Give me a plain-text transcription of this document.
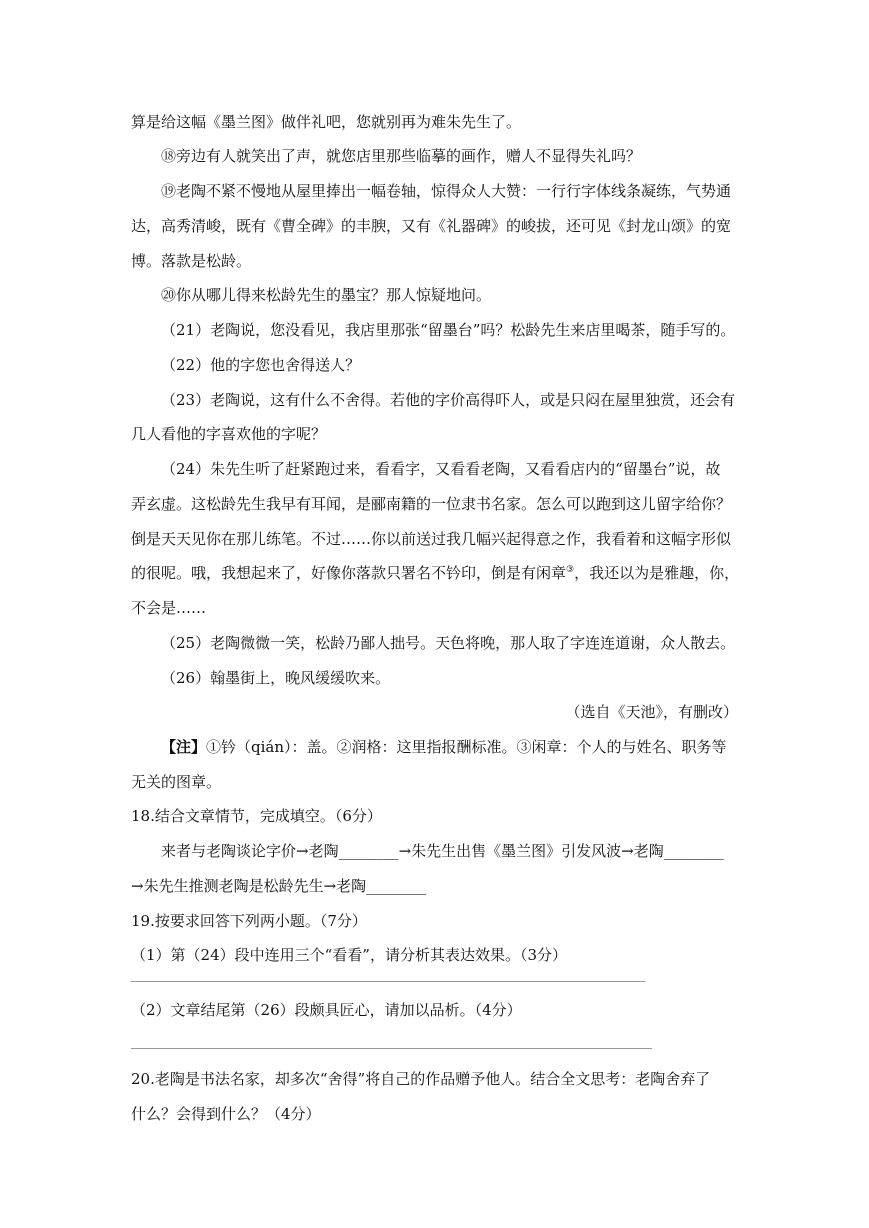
算是给这幅《墨兰图》做伴礼吧，您就别再为难朱先生了。
⑱旁边有人就笑出了声，就您店里那些临摹的画作，赠人不显得失礼吗？
⑲老陶不紧不慢地从屋里捧出一幅卷轴，惊得众人大赞：一行行字体线条凝练，气势通
达，高秀清峻，既有《曹全碑》的丰腴，又有《礼器碑》的峻拔，还可见《封龙山颂》的宽
博。落款是松龄。
⑳你从哪儿得来松龄先生的墨宝？那人惊疑地问。
（21）老陶说，您没看见，我店里那张“留墨台”吗？松龄先生来店里喝茶，随手写的。
（22）他的字您也舍得送人？
（23）老陶说，这有什么不舍得。若他的字价高得吓人，或是只闷在屋里独赏，还会有
几人看他的字喜欢他的字呢？
（24）朱先生听了赶紧跑过来，看看字，又看看老陶，又看看店内的“留墨台”说，故
弄玄虚。这松龄先生我早有耳闻，是郦南籍的一位隶书名家。怎么可以跑到这儿留字给你？
倒是天天见你在那儿练笔。不过……你以前送过我几幅兴起得意之作，我看着和这幅字形似
的很呢。哦，我想起来了，好像你落款只署名不钤印，倒是有闲章③，我还以为是雅趣，你，
不会是……
（25）老陶微微一笑，松龄乃鄙人拙号。天色将晚，那人取了字连连道谢，众人散去。
（26）翰墨街上，晚风缓缓吹来。
（选自《天池》，有删改）
【注】①钤（qián）：盖。②润格：这里指报酬标准。③闲章：个人的与姓名、职务等
无关的图章。
18.结合文章情节，完成填空。（6分）
来者与老陶谈论字价→老陶________→朱先生出售《墨兰图》引发风波→老陶________
→朱先生推测老陶是松龄先生→老陶________
19.按要求回答下列两小题。（7分）
（1）第（24）段中连用三个“看看”，请分析其表达效果。（3分）
（2）文章结尾第（26）段颇具匠心，请加以品析。（4分）
20.老陶是书法名家，却多次“舍得”将自己的作品赠予他人。结合全文思考：老陶舍弃了
什么？会得到什么？（4分）
